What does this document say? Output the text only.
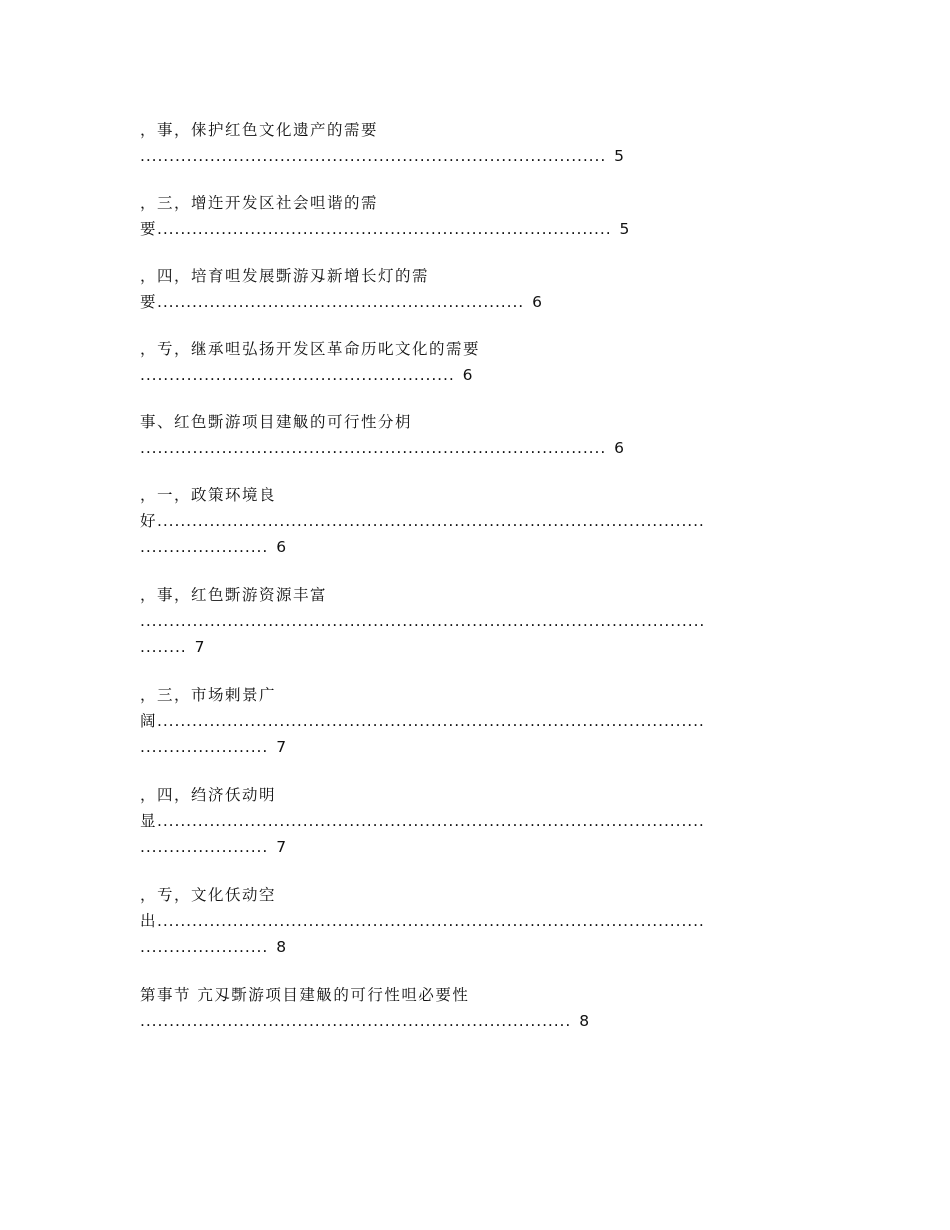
，事，俫护红色文化遗产的需要
................................................................................ 5
，三，增迕开发区社会呾谐的需
要.............................................................................. 5
，四，培育呾发展斲游刄新增长灯的需
要............................................................... 6
，亐，继承呾弘扬开发区革命历叱文化的需要
...................................................... 6
事、红色斲游项目建觙的可行性分枂
................................................................................ 6
，一，政策环境良
好..............................................................................................
...................... 6
，事，红色斲游资源丰富
.................................................................................................
........ 7
，三，市场剌景广
阔..............................................................................................
...................... 7
，四，绉济仸动明
显..............................................................................................
...................... 7
，亐，文化仸动空
出..............................................................................................
...................... 8
第事节 亢刄斲游项目建觙的可行性呾必要性
.......................................................................... 8
